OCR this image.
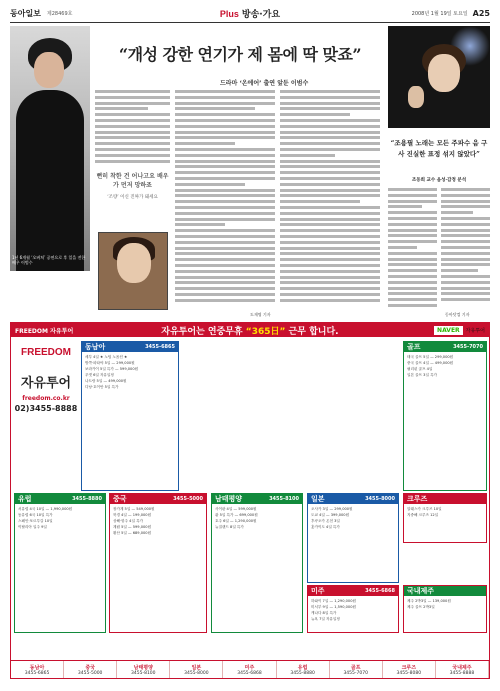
동아일보 제28469호	Plus 방송·가요	2008년 1월 19일 토요일 A25
1년 6개월 ‘오버쳐’ 공연으로 후 일을 전한 배우 이범수
“개성 강한 연기가 제 몸에 딱 맞죠”
드라마 ‘온에어’ 출연 앞둔 이범수
뻔히 착한 건 어나고요 배우가 먼저 망하죠
‘조량’ 이신 진짜가 돼세요
도재명 기자
“조용필 노래는 모든 주파수 음 구사 진실한 표정 섞지 않았다”
조동희 교수 음성·감정 분석
동아닷컴 기자
FREEDOM 자유투어	자유투어는 연중무휴 “365日” 근무 합니다.	NAVER	자유투어
FREEDOM
자유투어
freedom.co.kr
02)3455-8888
동남아	3455-6865
세부 4일 ★ 노팁 노옵션 ★
방콕·파타야 5일 — 299,000원
보라카이 5일 특가 — 599,000원
푸켓 6일 자유일정
나트랑 5일 — 499,000원
다낭·호이안 5일 특가
중국	3455-5000
장가계 5일 — 549,000원
북경 4일 — 199,000원
상해·항주 4일 특가
계림 5일 — 599,000원
황산 5일 — 689,000원
남태평양	3455-8100
사이판 4일 — 599,000원
괌 5일 특가 — 699,000원
호주 6일 — 1,290,000원
뉴질랜드 8일 특가
일본	3455-8000
오사카 3일 — 299,000원
도쿄 4일 — 399,000원
후쿠오카 온천 3일
홋카이도 4일 특가
미주	3455-6868
하와이 7일 — 1,290,000원
미서부 9일 — 1,590,000원
캐나다 8일 특가
뉴욕 7일 자유일정
골프	3455-7070
태국 골프 5일 — 299,000원
중국 골프 4일 — 499,000원
필리핀 골프 4일
일본 골프 3일 특가
유럽	3455-8880
서유럽 4국 10일 — 1,990,000원
동유럽 6국 10일 특가
스페인·포르투갈 10일
이탈리아 일주 9일
크루즈
알래스카 크루즈 10일
지중해 크루즈 12일
국내제주
제주 2박3일 — 139,000원
제주 골프 2박3일
동남아
3455-6865
중국
3455-5000
남태평양
3455-8100
일본
3455-8000
미주
3455-6868
유럽
3455-8880
골프
3455-7070
크루즈
3455-8080
국내제주
3455-8888
